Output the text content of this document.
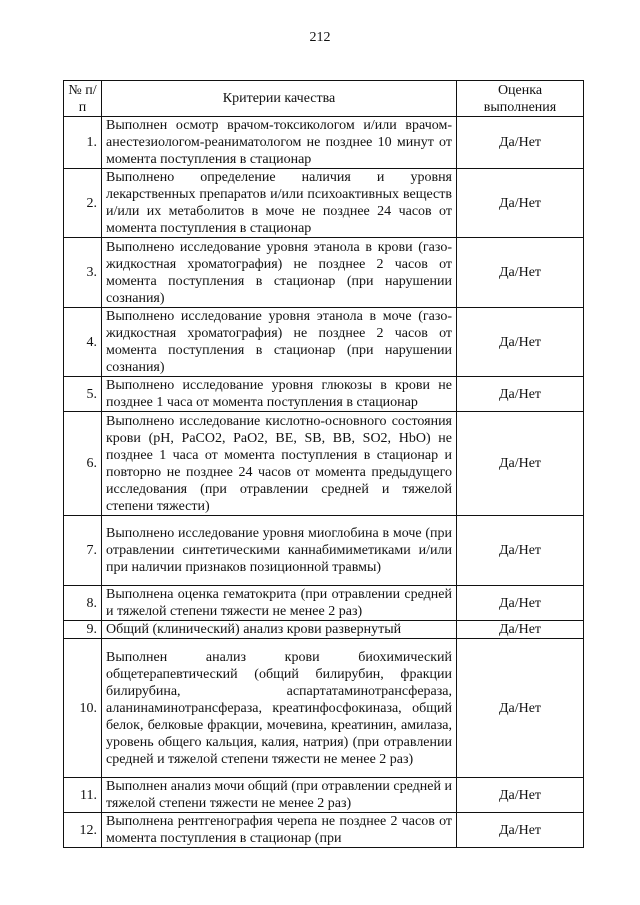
212
№ п/п	Критерии качества	Оценка выполнения
1.	Выполнен осмотр врачом-токсикологом и/или врачом-анестезиологом-реаниматологом не позднее 10 минут от момента поступления в стационар	Да/Нет
2.	Выполнено определение наличия и уровня лекарственных препаратов и/или психоактивных веществ и/или их метаболитов в моче не позднее 24 часов от момента поступления в стационар	Да/Нет
3.	Выполнено исследование уровня этанола в крови (газо-жидкостная хроматография) не позднее 2 часов от момента поступления в стационар (при нарушении сознания)	Да/Нет
4.	Выполнено исследование уровня этанола в моче (газо-жидкостная хроматография) не позднее 2 часов от момента поступления в стационар (при нарушении сознания)	Да/Нет
5.	Выполнено исследование уровня глюкозы в крови не позднее 1 часа от момента поступления в стационар	Да/Нет
6.	Выполнено исследование кислотно-основного состояния крови (pH, PaCO2, PaO2, BE, SB, BB, SO2, HbO) не позднее 1 часа от момента поступления в стационар и повторно не позднее 24 часов от момента предыдущего исследования (при отравлении средней и тяжелой степени тяжести)	Да/Нет
7.	Выполнено исследование уровня миоглобина в моче (при отравлении синтетическими каннабимиметиками и/или при наличии признаков позиционной травмы)	Да/Нет
8.	Выполнена оценка гематокрита (при отравлении средней и тяжелой степени тяжести не менее 2 раз)	Да/Нет
9.	Общий (клинический) анализ крови развернутый	Да/Нет
10.	Выполнен анализ крови биохимический общетерапевтический (общий билирубин, фракции билирубина, аспартатаминотрансфераза, аланинаминотрансфераза, креатинфосфокиназа, общий белок, белковые фракции, мочевина, креатинин, амилаза, уровень общего кальция, калия, натрия) (при отравлении средней и тяжелой степени тяжести не менее 2 раз)	Да/Нет
11.	Выполнен анализ мочи общий (при отравлении средней и тяжелой степени тяжести не менее 2 раз)	Да/Нет
12.	Выполнена рентгенография черепа не позднее 2 часов от момента поступления в стационар (при	Да/Нет
